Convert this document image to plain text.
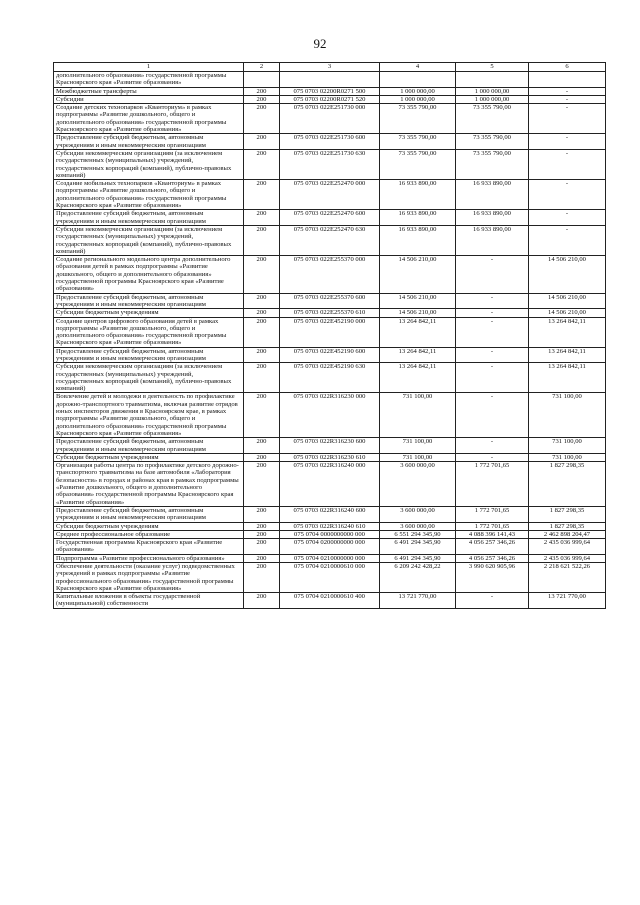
92
1	2	3	4	5	6
дополнительного образования» государственной программы Красноярского края «Развитие образования»					
Межбюджетные трансферты	200	075 0703 02200R0271 500	1 000 000,00	1 000 000,00	-
Субсидии	200	075 0703 02200R0271 520	1 000 000,00	1 000 000,00	-
Создание детских технопарков «Кванториум» в рамках подпрограммы «Развитие дошкольного, общего и дополнительного образования» государственной программы Красноярского края «Развитие образования»	200	075 0703 022E251730 000	73 355 790,00	73 355 790,00	-
Предоставление субсидий бюджетным, автономным учреждениям и иным некоммерческим организациям	200	075 0703 022E251730 600	73 355 790,00	73 355 790,00	-
Субсидии некоммерческим организациям (за исключением государственных (муниципальных) учреждений, государственных корпораций (компаний), публично-правовых компаний)	200	075 0703 022E251730 630	73 355 790,00	73 355 790,00	-
Создание мобильных технопарков «Кванториум» в рамках подпрограммы «Развитие дошкольного, общего и дополнительного образования» государственной программы Красноярского края «Развитие образования»	200	075 0703 022E252470 000	16 933 890,00	16 933 890,00	-
Предоставление субсидий бюджетным, автономным учреждениям и иным некоммерческим организациям	200	075 0703 022E252470 600	16 933 890,00	16 933 890,00	-
Субсидии некоммерческим организациям (за исключением государственных (муниципальных) учреждений, государственных корпораций (компаний), публично-правовых компаний)	200	075 0703 022E252470 630	16 933 890,00	16 933 890,00	-
Создание регионального модельного центра дополнительного образования детей в рамках подпрограммы «Развитие дошкольного, общего и дополнительного образования» государственной программы Красноярского края «Развитие образования»	200	075 0703 022E255370 000	14 506 210,00	-	14 506 210,00
Предоставление субсидий бюджетным, автономным учреждениям и иным некоммерческим организациям	200	075 0703 022E255370 600	14 506 210,00	-	14 506 210,00
Субсидии бюджетным учреждениям	200	075 0703 022E255370 610	14 506 210,00	-	14 506 210,00
Создание центров цифрового образования детей в рамках подпрограммы «Развитие дошкольного, общего и дополнительного образования» государственной программы Красноярского края «Развитие образования»	200	075 0703 022E452190 000	13 264 842,11	-	13 264 842,11
Предоставление субсидий бюджетным, автономным учреждениям и иным некоммерческим организациям	200	075 0703 022E452190 600	13 264 842,11	-	13 264 842,11
Субсидии некоммерческим организациям (за исключением государственных (муниципальных) учреждений, государственных корпораций (компаний), публично-правовых компаний)	200	075 0703 022E452190 630	13 264 842,11	-	13 264 842,11
Вовлечение детей и молодежи в деятельность по профилактике дорожно-транспортного травматизма, включая развитие отрядов юных инспекторов движения в Красноярском крае, в рамках подпрограммы «Развитие дошкольного, общего и дополнительного образования» государственной программы Красноярского края «Развитие образования»	200	075 0703 022R316230 000	731 100,00	-	731 100,00
Предоставление субсидий бюджетным, автономным учреждениям и иным некоммерческим организациям	200	075 0703 022R316230 600	731 100,00	-	731 100,00
Субсидии бюджетным учреждениям	200	075 0703 022R316230 610	731 100,00	-	731 100,00
Организация работы центра по профилактике детского дорожно-транспортного травматизма на базе автомобиля «Лаборатория безопасности» в городах и районах края в рамках подпрограммы «Развитие дошкольного, общего и дополнительного образования» государственной программы Красноярского края «Развитие образования»	200	075 0703 022R316240 000	3 600 000,00	1 772 701,65	1 827 298,35
Предоставление субсидий бюджетным, автономным учреждениям и иным некоммерческим организациям	200	075 0703 022R316240 600	3 600 000,00	1 772 701,65	1 827 298,35
Субсидии бюджетным учреждениям	200	075 0703 022R316240 610	3 600 000,00	1 772 701,65	1 827 298,35
Среднее профессиональное образование	200	075 0704 0000000000 000	6 551 294 345,90	4 088 396 141,43	2 462 898 204,47
Государственная программа Красноярского края «Развитие образования»	200	075 0704 0200000000 000	6 491 294 345,90	4 056 257 346,26	2 435 036 999,64
Подпрограмма «Развитие профессионального образования»	200	075 0704 0210000000 000	6 491 294 345,90	4 056 257 346,26	2 435 036 999,64
Обеспечение деятельности (оказание услуг) подведомственных учреждений в рамках подпрограммы «Развитие профессионального образования» государственной программы Красноярского края «Развитие образования»	200	075 0704 0210000610 000	6 209 242 428,22	3 990 620 905,96	2 218 621 522,26
Капитальные вложения в объекты государственной (муниципальной) собственности	200	075 0704 0210000610 400	13 721 770,00	-	13 721 770,00
